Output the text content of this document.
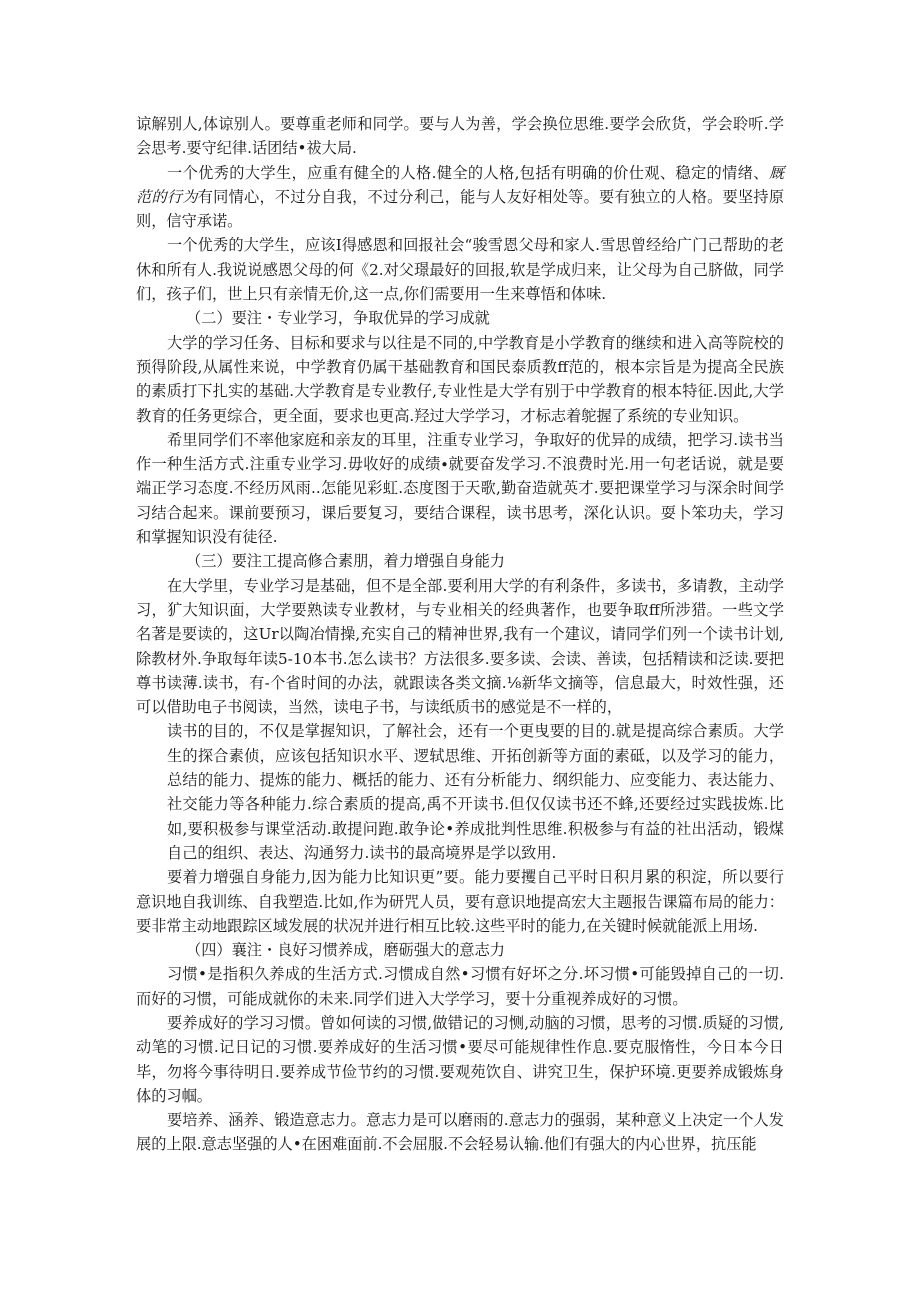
谅解别人,体谅别人。要尊重老师和同学。要与人为善，学会换位思维.要学会欣货，学会聆听.学会思考.要守纪律.话团结•祓大局.

一个优秀的大学生，应重有健全的人格.健全的人格,包括有明确的价仕观、稳定的情绪、厩范的行为有同情心，不过分自我，不过分利己，能与人友好相处等。要有独立的人格。要坚持原则，信守承诺。

一个优秀的大学生，应该I得感恩和回报社会“骏雪恩父母和家人.雪思曾经给广门己帮助的老休和所有人.我说说感恩父母的何《2.对父璟最好的回报,软是学成归来，让父母为自己脐做，同学们，孩子们，世上只有亲情无价,这一点,你们需要用一生来尊悟和体味.

（二）要注・专业学习，争取优异的学习成就

大学的学习任务、目标和要求与以往是不同的,中学教育是小学教育的继续和进入高等院校的预得阶段,从属性来说，中学教育仍属干基础教育和国民泰质教ff范的，根本宗旨是为提高全民族的素质打下扎实的基础.大学教育是专业教仔,专业性是大学有别于中学教育的根本特征.因此,大学教育的任务更综合，更全面，要求也更高.羟过大学学习，才标志着鸵握了系统的专业知识。

希里同学们不率他家庭和亲友的耳里，注重专业学习，争取好的优异的成绩，把学习.读书当作一种生活方式.注重专业学习.毋收好的成绩∙就要奋发学习.不浪费时光.用一句老话说，就是要端正学习态度.不经历风雨..怎能见彩虹.态度图于天歌,勤奋造就英才.要把课堂学习与深余时间学习结合起来。课前要预习，课后要复习，要结合课程，读书思考，深化认识。耍卜笨功夫，学习和掌握知识没有徒径.

（三）要注工提高修合素朋，着力增强自身能力

在大学里，专业学习是基础，但不是全部.要利用大学的有利条件，多读书，多请教，主动学习，犷大知识面，大学要熟读专业教材，与专业相关的经典著作，也要争取ff所涉猎。一些文学名著是要读的，这Ur以陶冶情操,充实自己的精神世界,我有一个建议，请同学们列一个读书计划,除教材外.争取每年读5-10本书.怎么读书？方法很多.要多读、会读、善读，包括精读和泛读.要把尊书读薄.读书，有-个省时间的办法，就跟读各类文摘.⅛新华文摘等，信息最大，时效性强，还可以借助电子书阅读，当然，读电子书，与读纸质书的感觉是不一样的，

读书的目的，不仅是掌握知识，了解社会，还有一个更曳要的目的.就是提高综合素质。大学生的探合素侦，应该包括知识水平、逻轼思维、开拓创新等方面的素砥，以及学习的能力，总结的能力、提炼的能力、概括的能力、还有分析能力、纲织能力、应变能力、表达能力、社交能力等各种能力.综合素质的提高,禹不开读书.但仅仅读书还不蜂,还要经过实践拔炼.比如,要积极参与课堂活动.敢提问跑.敢争论•养成批判性思维.积极参与有益的社出活动，锻煤自己的组织、表达、沟通努力.读书的最高境界是学以致用.

要着力增强自身能力,因为能力比知识更”要。能力要攫自己平时日积月累的积淀，所以要行意识地自我训练、自我塑造.比如,作为研咒人员，要有意识地提高宏大主题报告课篇布局的能力：要非常主动地跟踪区域发展的状况并进行相互比较.这些平时的能力,在关键时候就能派上用场.

（四）襄注・良好习惯养成，磨砺强大的意志力

习惯•是指积久养成的生活方式.习惯成自然•习惯有好坏之分.坏习惯•可能毁掉自己的一切.而好的习惯，可能成就你的未来.同学们进入大学学习，要十分重视养成好的习惯。

要养成好的学习习惯。曾如何读的习惯,做错记的习恻,动脑的习惯，思考的习惯.质疑的习惯,动笔的习惯.记日记的习惯.要养成好的生活习惯•要尽可能规律性作息.要克服惰性，今日本今日毕，勿将今事待明日.要养成节俭节约的习惯.要观苑饮自、讲究卫生，保护环境.更要养成锻炼身体的习帼。

要培养、涵养、锻造意志力。意志力是可以磨雨的.意志力的强弱，某种意义上决定一个人发展的上限.意志坚强的人•在困难面前.不会屈服.不会轻易认输.他们有强大的内心世界，抗压能
